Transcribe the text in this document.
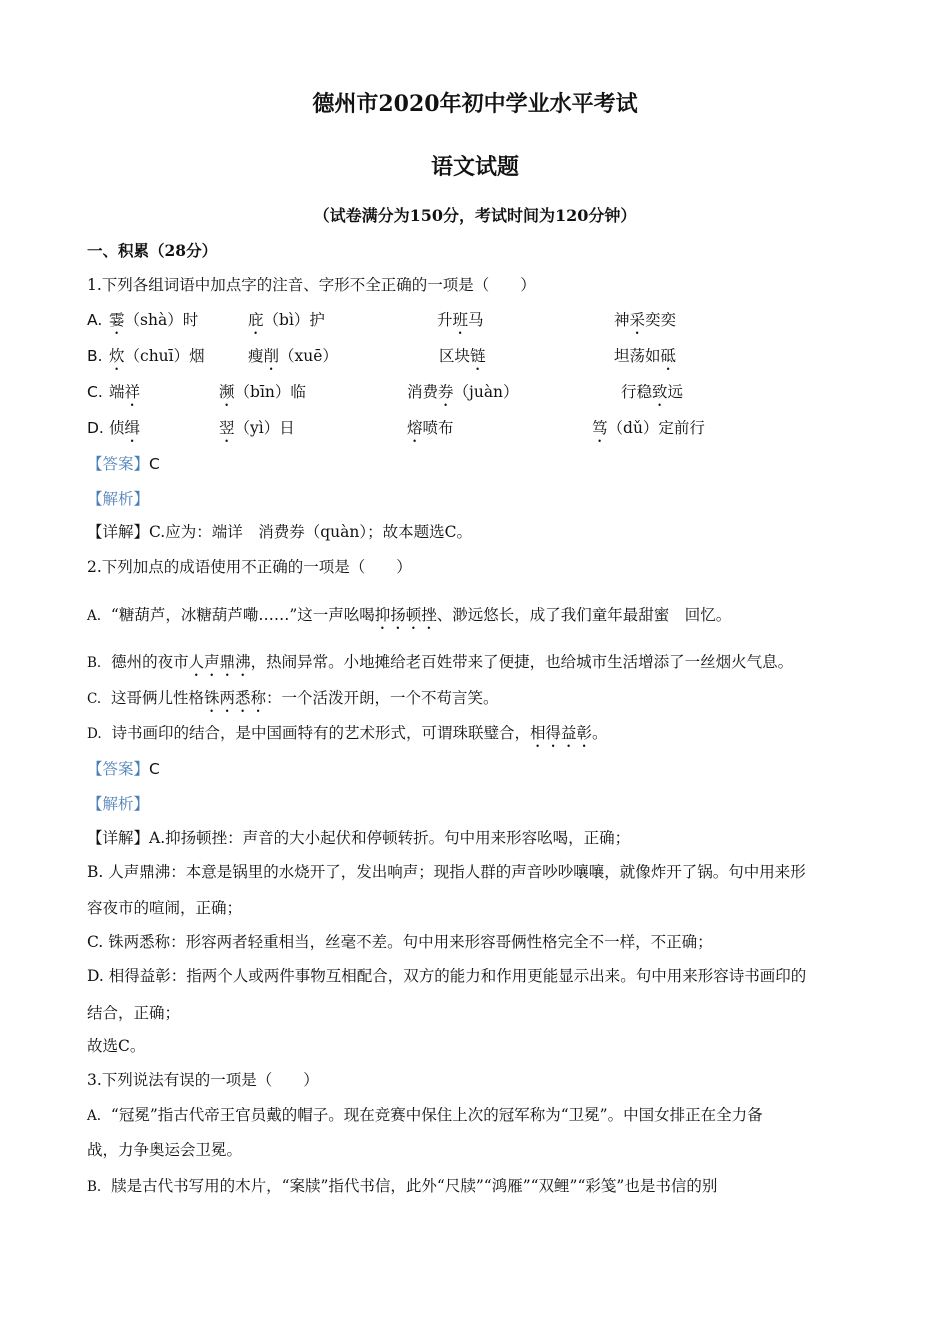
德州市2020年初中学业水平考试
语文试题
（试卷满分为150分，考试时间为120分钟）
一、积累（28分）
1.下列各组词语中加点字的注音、字形不全正确的一项是（　　）
A. 霎（shà）时	庇（bì）护	升班马	神采奕奕
B. 炊（chuī）烟	瘦削（xuē）	区块链	坦荡如砥
C. 端祥	濒（bīn）临	消费券（juàn）	行稳致远
D. 侦缉	翌（yì）日	熔喷布	笃（dǔ）定前行
【答案】C
【解析】
【详解】C.应为：端详　消费券（quàn）；故本题选C。
2.下列加点的成语使用不正确的一项是（　　）
A. “糖葫芦，冰糖葫芦嘞……”这一声吆喝抑扬顿挫、渺远悠长，成了我们童年最甜蜜　回忆。
B. 德州的夜市人声鼎沸，热闹异常。小地摊给老百姓带来了便捷，也给城市生活增添了一丝烟火气息。
C. 这哥俩儿性格铢两悉称：一个活泼开朗，一个不苟言笑。
D. 诗书画印的结合，是中国画特有的艺术形式，可谓珠联璧合，相得益彰。
【答案】C
【解析】
【详解】A.抑扬顿挫：声音的大小起伏和停顿转折。句中用来形容吆喝，正确；
B. 人声鼎沸：本意是锅里的水烧开了，发出响声；现指人群的声音吵吵嚷嚷，就像炸开了锅。句中用来形
容夜市的喧闹，正确；
C. 铢两悉称：形容两者轻重相当，丝毫不差。句中用来形容哥俩性格完全不一样，不正确；
D. 相得益彰：指两个人或两件事物互相配合，双方的能力和作用更能显示出来。句中用来形容诗书画印的
结合，正确；
故选C。
3.下列说法有误的一项是（　　）
A. “冠冕”指古代帝王官员戴的帽子。现在竞赛中保住上次的冠军称为“卫冕”。中国女排正在全力备
战，力争奥运会卫冕。
B. 牍是古代书写用的木片，“案牍”指代书信，此外“尺牍”“鸿雁”“双鲤”“彩笺”也是书信的别
